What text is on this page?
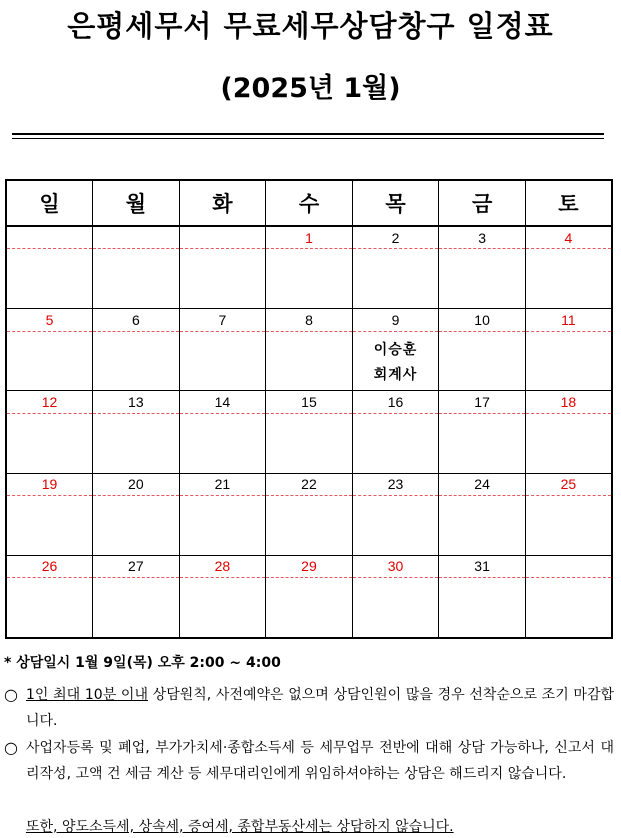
은평세무서 무료세무상담창구 일정표
(2025년 1월)
일	월	화	수	목	금	토
			1	2	3	4

5	6	7	8	9	10	11

				이승훈
회계사		

12	13	14	15	16	17	18

19	20	21	22	23	24	25

26	27	28	29	30	31	

* 상담일시 1월 9일(목) 오후 2:00 ~ 4:00
○ 1인 최대 10분 이내 상담원칙, 사전예약은 없으며 상담인원이 많을 경우 선착순으로 조기 마감합니다.
○ 사업자등록 및 폐업, 부가가치세·종합소득세 등 세무업무 전반에 대해 상담 가능하나, 신고서 대리작성, 고액 건 세금 계산 등 세무대리인에게 위임하셔야하는 상담은 해드리지 않습니다.
또한, 양도소득세, 상속세, 증여세, 종합부동산세는 상담하지 않습니다.
